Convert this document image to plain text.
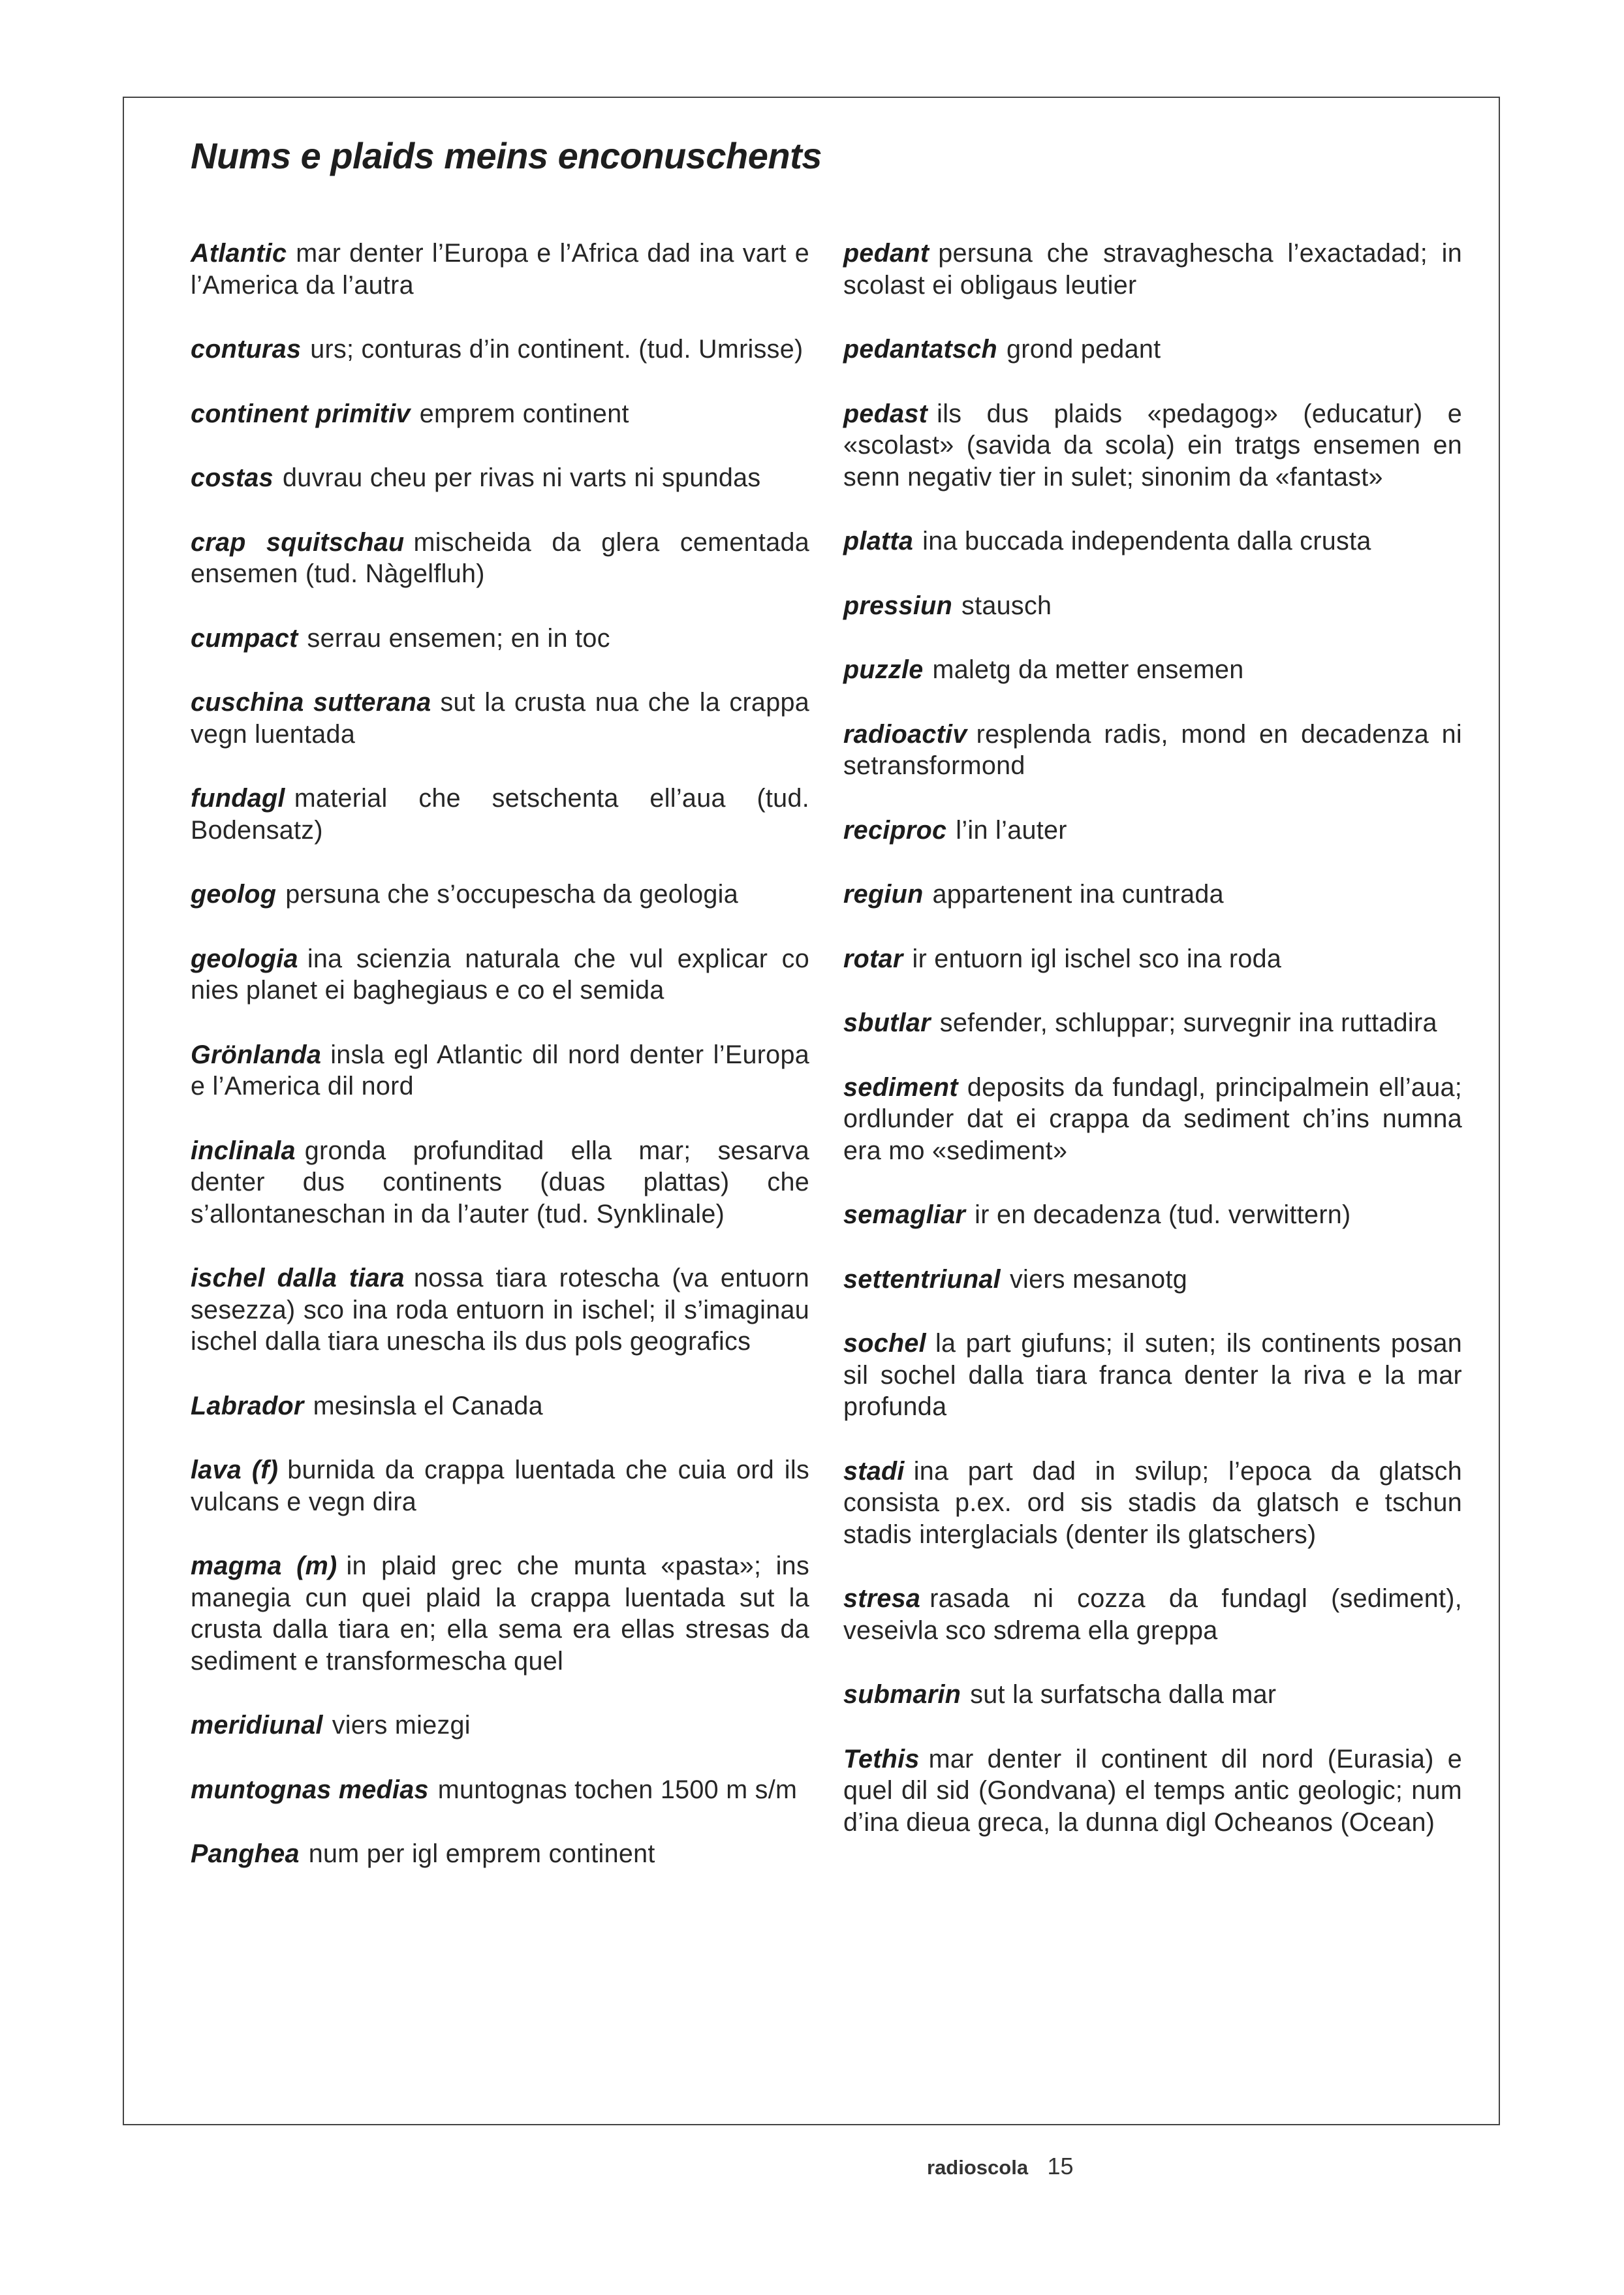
Nums e plaids meins enconuschents

Atlantic mar denter l’Europa e l’Africa dad ina vart e l’America da l’autra

conturas urs; conturas d’in continent. (tud. Umrisse)

continent primitiv emprem continent

costas duvrau cheu per rivas ni varts ni spundas

crap squitschau mischeida da glera cementada ensemen (tud. Nàgelfluh)

cumpact serrau ensemen; en in toc

cuschina sutterana sut la crusta nua che la crappa vegn luentada

fundagl material che setschenta ell’aua (tud. Bodensatz)

geolog persuna che s’occupescha da geologia

geologia ina scienzia naturala che vul explicar co nies planet ei baghegiaus e co el semida

Grönlanda insla egl Atlantic dil nord denter l’Europa e l’America dil nord

inclinala gronda profunditad ella mar; sesarva denter dus continents (duas plattas) che s’allontaneschan in da l’auter (tud. Synklinale)

ischel dalla tiara nossa tiara rotescha (va entuorn sesezza) sco ina roda entuorn in ischel; il s’imaginau ischel dalla tiara unescha ils dus pols geografics

Labrador mesinsla el Canada

lava (f) burnida da crappa luentada che cuia ord ils vulcans e vegn dira

magma (m) in plaid grec che munta «pasta»; ins manegia cun quei plaid la crappa luentada sut la crusta dalla tiara en; ella sema era ellas stresas da sediment e transformescha quel

meridiunal viers miezgi

muntognas medias muntognas tochen 1500 m s/m

Panghea num per igl emprem continent

pedant persuna che stravaghescha l’exactadad; in scolast ei obligaus leutier

pedantatsch grond pedant

pedast ils dus plaids «pedagog» (educatur) e «scolast» (savida da scola) ein tratgs ensemen en senn negativ tier in sulet; sinonim da «fantast»

platta ina buccada independenta dalla crusta

pressiun stausch

puzzle maletg da metter ensemen

radioactiv resplenda radis, mond en decadenza ni setransformond

reciproc l’in l’auter

regiun appartenent ina cuntrada

rotar ir entuorn igl ischel sco ina roda

sbutlar sefender, schluppar; survegnir ina ruttadira

sediment deposits da fundagl, principalmein ell’aua; ordlunder dat ei crappa da sediment ch’ins numna era mo «sediment»

semagliar ir en decadenza (tud. verwittern)

settentriunal viers mesanotg

sochel la part giufuns; il suten; ils continents posan sil sochel dalla tiara franca denter la riva e la mar profunda

stadi ina part dad in svilup; l’epoca da glatsch consista p.ex. ord sis stadis da glatsch e tschun stadis interglacials (denter ils glatschers)

stresa rasada ni cozza da fundagl (sediment), veseivla sco sdrema ella greppa

submarin sut la surfatscha dalla mar

Tethis mar denter il continent dil nord (Eurasia) e quel dil sid (Gondvana) el temps antic geologic; num d’ina dieua greca, la dunna digl Ocheanos (Ocean)

radioscola 15
